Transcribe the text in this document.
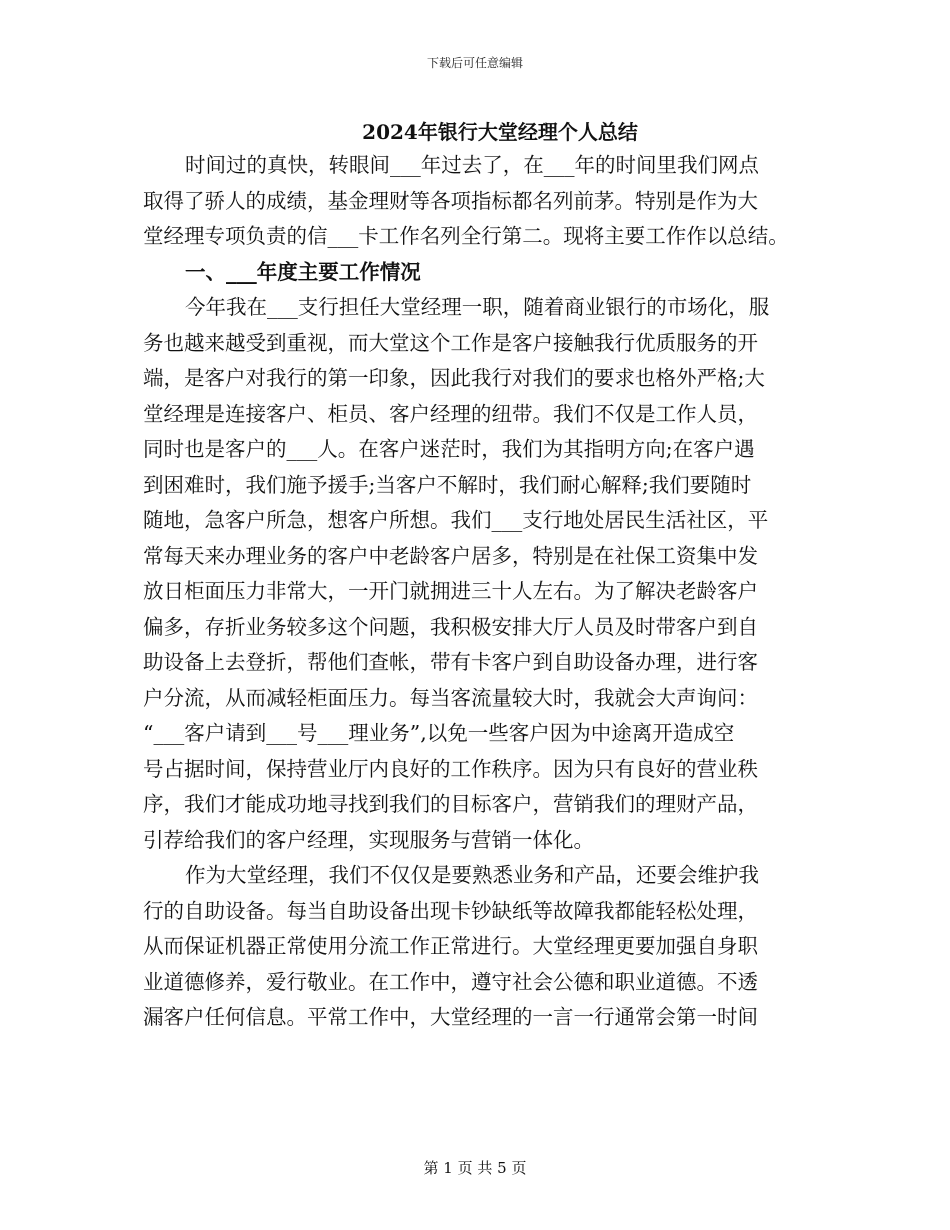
下载后可任意编辑
2024年银行大堂经理个人总结

时间过的真快，转眼间___年过去了，在___年的时间里我们网点
取得了骄人的成绩，基金理财等各项指标都名列前茅。特别是作为大
堂经理专项负责的信___卡工作名列全行第二。现将主要工作作以总结。

一、___年度主要工作情况

今年我在___支行担任大堂经理一职，随着商业银行的市场化，服
务也越来越受到重视，而大堂这个工作是客户接触我行优质服务的开
端，是客户对我行的第一印象，因此我行对我们的要求也格外严格;大
堂经理是连接客户、柜员、客户经理的纽带。我们不仅是工作人员，
同时也是客户的___人。在客户迷茫时，我们为其指明方向;在客户遇
到困难时，我们施予援手;当客户不解时，我们耐心解释;我们要随时
随地，急客户所急，想客户所想。我们___支行地处居民生活社区，平
常每天来办理业务的客户中老龄客户居多，特别是在社保工资集中发
放日柜面压力非常大，一开门就拥进三十人左右。为了解决老龄客户
偏多，存折业务较多这个问题，我积极安排大厅人员及时带客户到自
助设备上去登折，帮他们查帐，带有卡客户到自助设备办理，进行客
户分流，从而减轻柜面压力。每当客流量较大时，我就会大声询问：
“___客户请到___号___理业务”,以免一些客户因为中途离开造成空
号占据时间，保持营业厅内良好的工作秩序。因为只有良好的营业秩
序，我们才能成功地寻找到我们的目标客户，营销我们的理财产品，
引荐给我们的客户经理，实现服务与营销一体化。

作为大堂经理，我们不仅仅是要熟悉业务和产品，还要会维护我
行的自助设备。每当自助设备出现卡钞缺纸等故障我都能轻松处理，
从而保证机器正常使用分流工作正常进行。大堂经理更要加强自身职
业道德修养，爱行敬业。在工作中，遵守社会公德和职业道德。不透
漏客户任何信息。平常工作中，大堂经理的一言一行通常会第一时间

第 1 页 共 5 页
